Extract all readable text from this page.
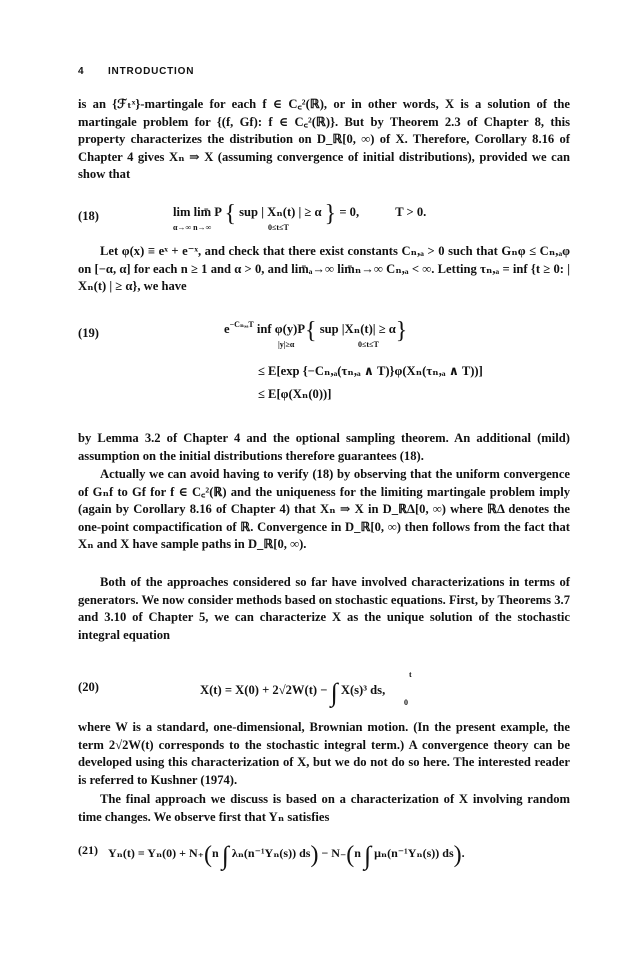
4 INTRODUCTION

is an {ℱₜˣ}-martingale for each f ∈ C꜀²(ℝ), or in other words, X is a solution of the martingale problem for {(f, Gf): f ∈ C꜀²(ℝ)}. But by Theorem 2.3 of Chapter 8, this property characterizes the distribution on D_ℝ[0, ∞) of X. Therefore, Corollary 8.16 of Chapter 4 gives Xₙ ⇒ X (assuming convergence of initial distributions), provided we can show that

(18)	lim lim̄ P { sup | Xₙ(t) | ≥ α } = 0,	T > 0.
α→∞ n→∞	0≤t≤T

Let φ(x) ≡ eˣ + e⁻ˣ, and check that there exist constants Cₙ,ₐ > 0 such that Gₙφ ≤ Cₙ,ₐφ on [−α, α] for each n ≥ 1 and α > 0, and lim̄ₐ→∞ lim̄ₙ→∞ Cₙ,ₐ < ∞. Letting τₙ,ₐ = inf {t ≥ 0: | Xₙ(t) | ≥ α}, we have

(19)	$e^{-C_n,_aT}$ inf φ(y)P{ sup |Xₙ(t)| ≥ α}
|y|≥α	0≤t≤T
≤ E[exp {−Cₙ,ₐ(τₙ,ₐ ∧ T)}φ(Xₙ(τₙ,ₐ ∧ T))]
≤ E[φ(Xₙ(0))]

by Lemma 3.2 of Chapter 4 and the optional sampling theorem. An additional (mild) assumption on the initial distributions therefore guarantees (18).

Actually we can avoid having to verify (18) by observing that the uniform convergence of Gₙf to Gf for f ∈ C꜀²(ℝ) and the uniqueness for the limiting martingale problem imply (again by Corollary 8.16 of Chapter 4) that Xₙ ⇒ X in D_ℝΔ[0, ∞) where ℝΔ denotes the one-point compactification of ℝ. Convergence in D_ℝ[0, ∞) then follows from the fact that Xₙ and X have sample paths in D_ℝ[0, ∞).

Both of the approaches considered so far have involved characterizations in terms of generators. We now consider methods based on stochastic equations. First, by Theorems 3.7 and 3.10 of Chapter 5, we can characterize X as the unique solution of the stochastic integral equation

(20)	X(t) = X(0) + 2√2W(t) − ∫ X(s)³ ds,
t
0

where W is a standard, one-dimensional, Brownian motion. (In the present example, the term 2√2W(t) corresponds to the stochastic integral term.) A convergence theory can be developed using this characterization of X, but we do not do so here. The interested reader is referred to Kushner (1974).

The final approach we discuss is based on a characterization of X involving random time changes. We observe first that Yₙ satisfies

(21) Yₙ(t) = Yₙ(0) + N₊(n ∫ λₙ(n⁻¹Yₙ(s)) ds) − N₋(n ∫ μₙ(n⁻¹Yₙ(s)) ds).
